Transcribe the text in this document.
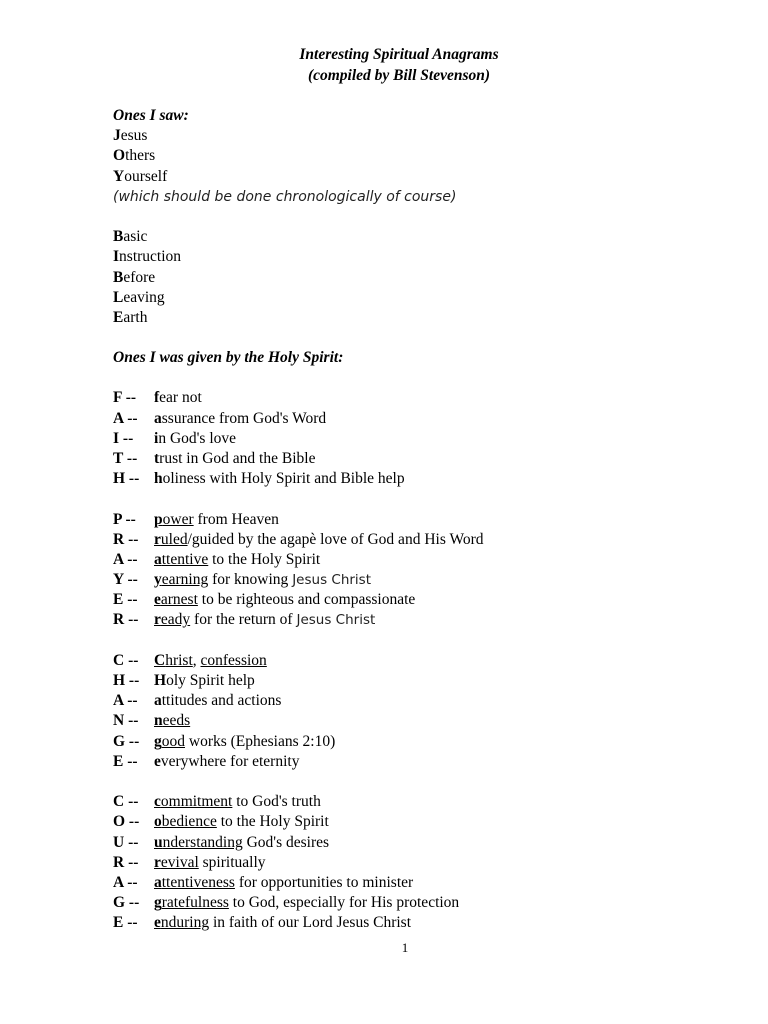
Interesting Spiritual Anagrams
(compiled by Bill Stevenson)
Ones I saw:
Jesus
Others
Yourself
(which should be done chronologically of course)
Basic
Instruction
Before
Leaving
Earth
Ones I was given by the Holy Spirit:
F -- fear not
A -- assurance from God's Word
I -- in God's love
T -- trust in God and the Bible
H -- holiness with Holy Spirit and Bible help
P -- power from Heaven
R -- ruled/guided by the agapè love of God and His Word
A -- attentive to the Holy Spirit
Y -- yearning for knowing Jesus Christ
E -- earnest to be righteous and compassionate
R -- ready for the return of Jesus Christ
C -- Christ, confession
H -- Holy Spirit help
A -- attitudes and actions
N -- needs
G -- good works (Ephesians 2:10)
E -- everywhere for eternity
C -- commitment to God's truth
O -- obedience to the Holy Spirit
U -- understanding God's desires
R -- revival spiritually
A -- attentiveness for opportunities to minister
G -- gratefulness to God, especially for His protection
E -- enduring in faith of our Lord Jesus Christ
1
